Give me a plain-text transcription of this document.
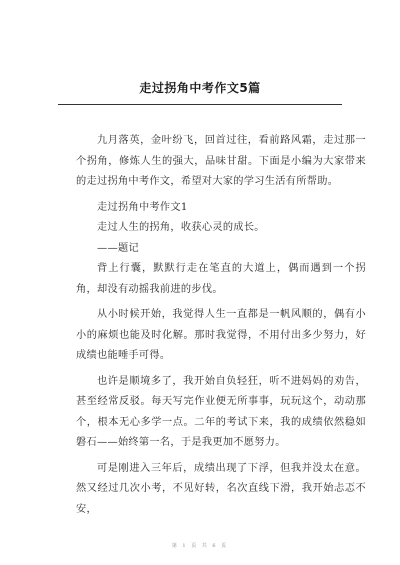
走过拐角中考作文5篇

九月落英，金叶纷飞，回首过往，看前路风霜，走过那一个拐角，修炼人生的强大，品味甘甜。下面是小编为大家带来的走过拐角中考作文，希望对大家的学习生活有所帮助。

走过拐角中考作文1

走过人生的拐角，收获心灵的成长。

——题记

背上行囊，默默行走在笔直的大道上，偶而遇到一个拐角，却没有动摇我前进的步伐。

从小时候开始，我觉得人生一直都是一帆风顺的，偶有小小的麻烦也能及时化解。那时我觉得，不用付出多少努力，好成绩也能唾手可得。

也许是顺境多了，我开始自负轻狂，听不进妈妈的劝告，甚至经常反驳。每天写完作业便无所事事，玩玩这个，动动那个，根本无心多学一点。二年的考试下来，我的成绩依然稳如磐石——始终第一名，于是我更加不愿努力。

可是刚进入三年后，成绩出现了下浮，但我并没太在意。然又经过几次小考，不见好转，名次直线下滑，我开始忐忑不安，

第 1 页 共 6 页
